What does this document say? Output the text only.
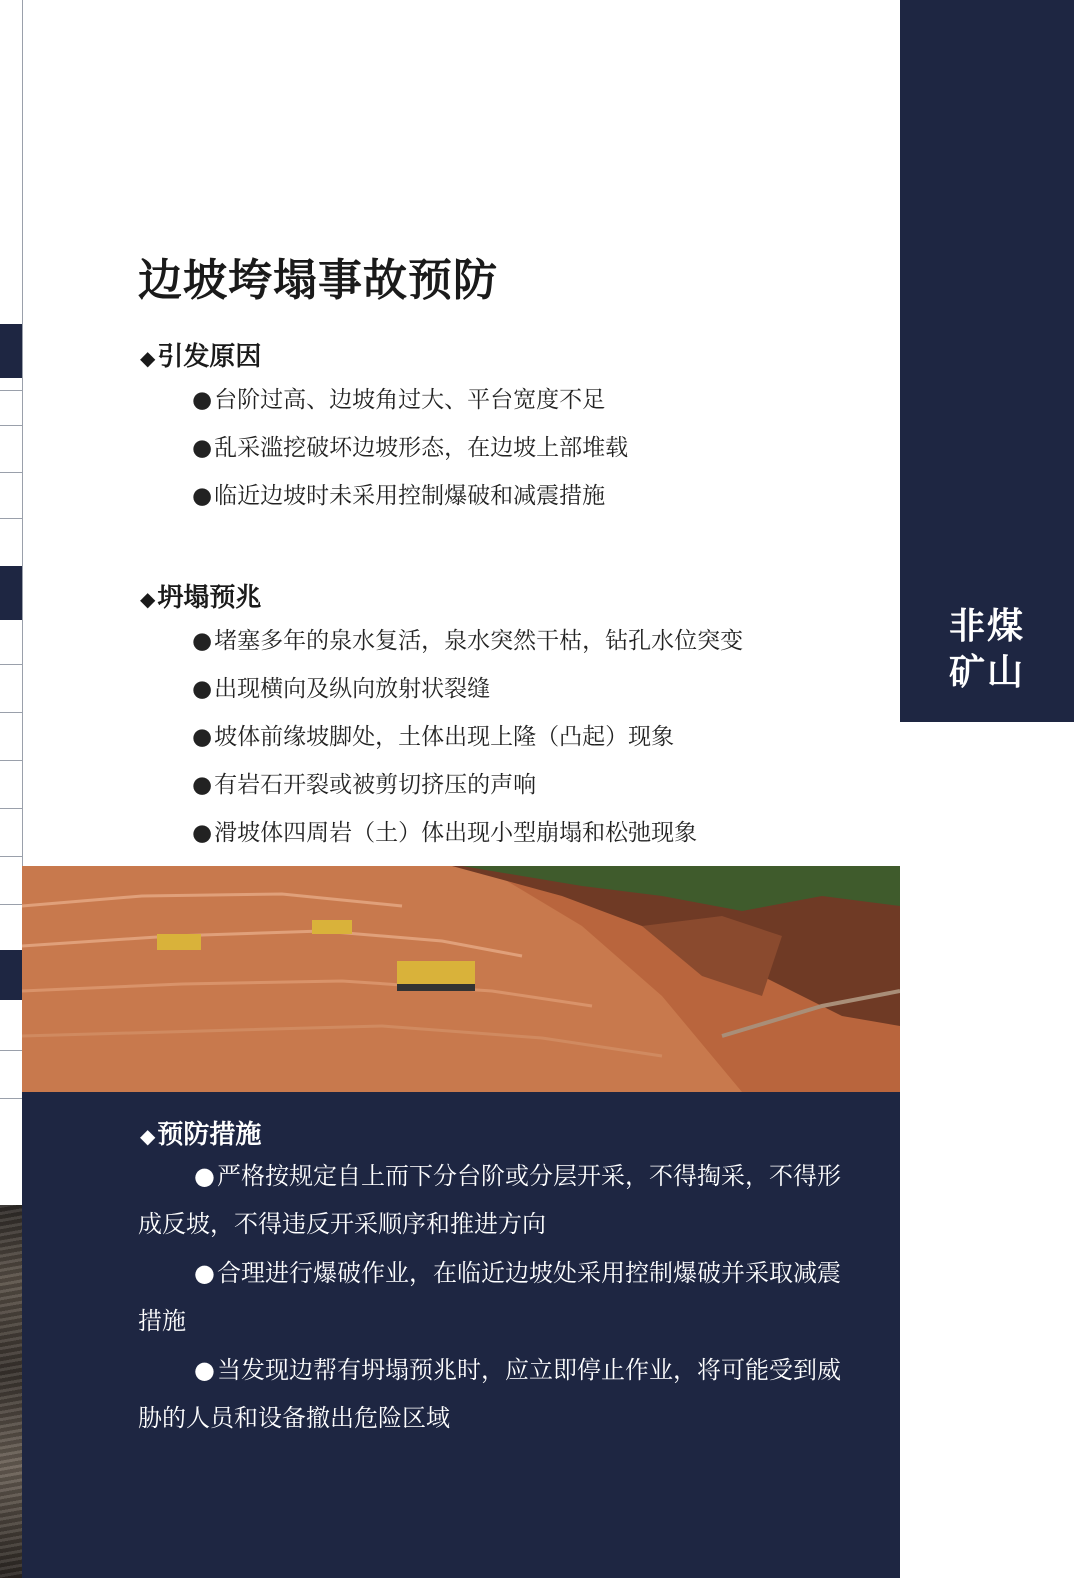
非煤
矿山
边坡垮塌事故预防
◆引发原因
●台阶过高、边坡角过大、平台宽度不足
●乱采滥挖破坏边坡形态，在边坡上部堆载
●临近边坡时未采用控制爆破和减震措施
◆坍塌预兆
●堵塞多年的泉水复活，泉水突然干枯，钻孔水位突变
●出现横向及纵向放射状裂缝
●坡体前缘坡脚处，土体出现上隆（凸起）现象
●有岩石开裂或被剪切挤压的声响
●滑坡体四周岩（土）体出现小型崩塌和松弛现象
◆预防措施

●严格按规定自上而下分台阶或分层开采，不得掏采，不得形成反坡，不得违反开采顺序和推进方向

●合理进行爆破作业，在临近边坡处采用控制爆破并采取减震措施

●当发现边帮有坍塌预兆时，应立即停止作业，将可能受到威胁的人员和设备撤出危险区域
